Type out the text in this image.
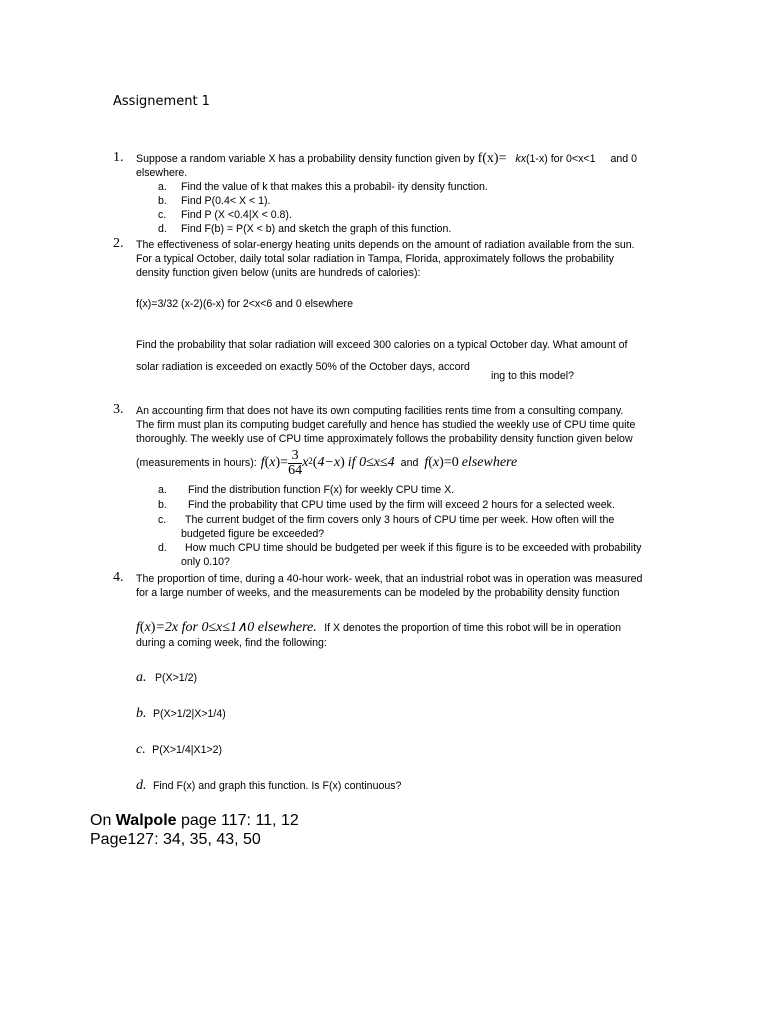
Assignement 1
1. Suppose a random variable X has a probability density function given by f(x)= kx(1-x) for 0<x<1 and 0
elsewhere.
a. Find the value of k that makes this a probabil- ity density function.
b. Find P(0.4< X < 1).
c. Find P (X <0.4|X < 0.8).
d. Find F(b) = P(X < b) and sketch the graph of this function.
2. The effectiveness of solar-energy heating units depends on the amount of radiation available from the sun.
For a typical October, daily total solar radiation in Tampa, Florida, approximately follows the probability
density function given below (units are hundreds of calories):
f(x)=3/32 (x-2)(6-x) for 2<x<6 and 0 elsewhere
Find the probability that solar radiation will exceed 300 calories on a typical October day. What amount of
solar radiation is exceeded on exactly 50% of the October days, accord
ing to this model?
3. An accounting firm that does not have its own computing facilities rents time from a consulting company.
The firm must plan its computing budget carefully and hence has studied the weekly use of CPU time quite
thoroughly. The weekly use of CPU time approximately follows the probability density function given below
(measurements in hours): f ( x ) = $\frac{3}{64} x^2$ ( 4−x ) if 0≤x≤4 and f ( x ) =0 elsewhere
a. Find the distribution function F(x) for weekly CPU time X.
b. Find the probability that CPU time used by the firm will exceed 2 hours for a selected week.
c. The current budget of the firm covers only 3 hours of CPU time per week. How often will the
budgeted figure be exceeded?
d. How much CPU time should be budgeted per week if this figure is to be exceeded with probability
only 0.10?
4. The proportion of time, during a 40-hour work- week, that an industrial robot was in operation was measured
for a large number of weeks, and the measurements can be modeled by the probability density function
f(x)=2x for 0≤x≤1∧0 elsewhere. If X denotes the proportion of time this robot will be in operation
during a coming week, find the following:
a. P(X>1/2)
b. P(X>1/2|X>1/4)
c. P(X>1/4|X1>2)
d. Find F(x) and graph this function. Is F(x) continuous?
On Walpole page 117: 11, 12
Page127: 34, 35, 43, 50
